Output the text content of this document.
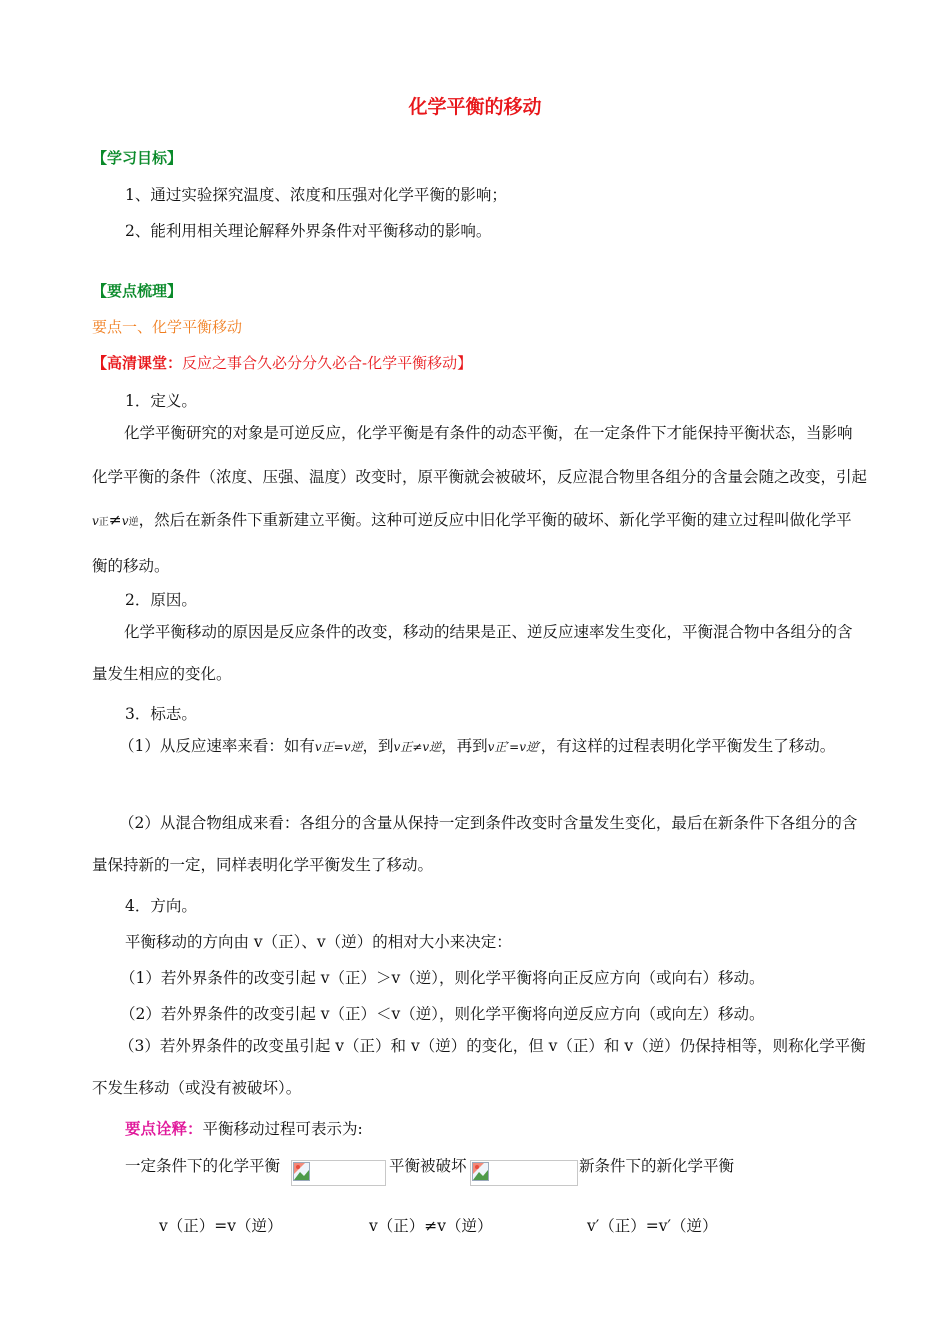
化学平衡的移动
【学习目标】
1、通过实验探究温度、浓度和压强对化学平衡的影响；
2、能利用相关理论解释外界条件对平衡移动的影响。
【要点梳理】
要点一、化学平衡移动
【高清课堂：反应之事合久必分分久必合-化学平衡移动】
1．定义。
化学平衡研究的对象是可逆反应，化学平衡是有条件的动态平衡，在一定条件下才能保持平衡状态，当影响化学平衡的条件（浓度、压强、温度）改变时，原平衡就会被破坏，反应混合物里各组分的含量会随之改变，引起v正≠v逆，然后在新条件下重新建立平衡。这种可逆反应中旧化学平衡的破坏、新化学平衡的建立过程叫做化学平衡的移动。
2．原因。
化学平衡移动的原因是反应条件的改变，移动的结果是正、逆反应速率发生变化，平衡混合物中各组分的含量发生相应的变化。
3．标志。
（1）从反应速率来看：如有v正=v逆，到v正≠v逆，再到v正′=v逆′，有这样的过程表明化学平衡发生了移动。
（2）从混合物组成来看：各组分的含量从保持一定到条件改变时含量发生变化，最后在新条件下各组分的含量保持新的一定，同样表明化学平衡发生了移动。
4．方向。
平衡移动的方向由 v（正）、v（逆）的相对大小来决定：
（1）若外界条件的改变引起 v（正）＞v（逆），则化学平衡将向正反应方向（或向右）移动。
（2）若外界条件的改变引起 v（正）＜v（逆），则化学平衡将向逆反应方向（或向左）移动。
（3）若外界条件的改变虽引起 v（正）和 v（逆）的变化，但 v（正）和 v（逆）仍保持相等，则称化学平衡不发生移动（或没有被破坏）。
要点诠释：平衡移动过程可表示为:
一定条件下的化学平衡	平衡被破坏	新条件下的新化学平衡
v（正）=v（逆）	v（正）≠v（逆）	v′（正）=v′（逆）
